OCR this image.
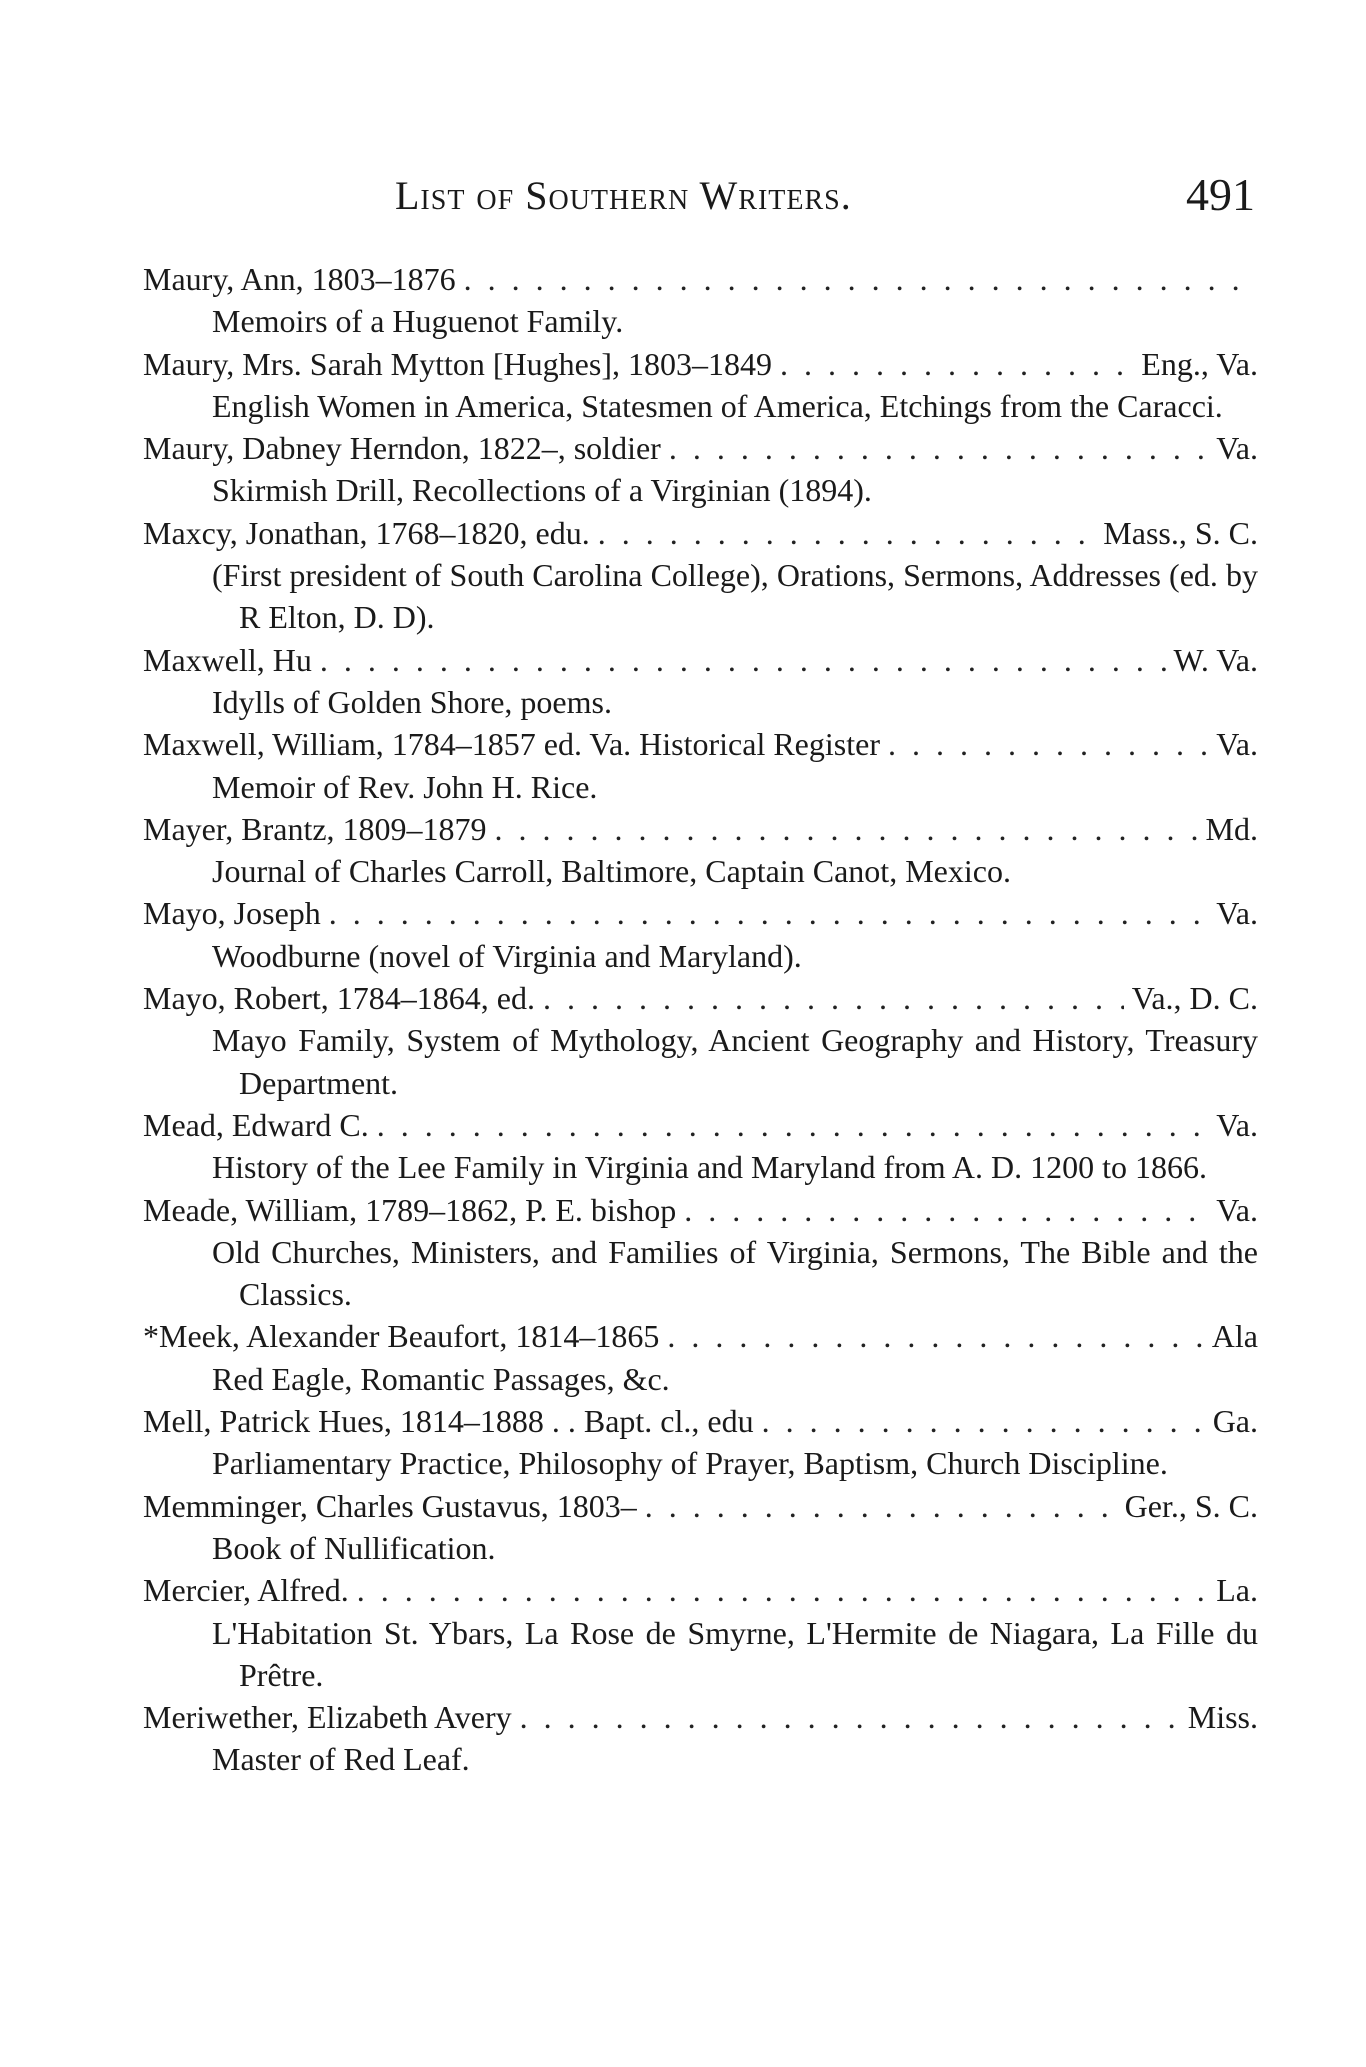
List of Southern Writers.	491
Maury, Ann, 1803–1876
. . .
Memoirs of a Huguenot Family.
Maury, Mrs. Sarah Mytton [Hughes], 1803–1849 . . .	Eng., Va.
English Women in America, Statesmen of America, Etchings from the Caracci.
Maury, Dabney Herndon, 1822–, soldier . . .	Va.
Skirmish Drill, Recollections of a Virginian (1894).
Maxcy, Jonathan, 1768–1820, edu. . . .	Mass., S. C.
(First president of South Carolina College), Orations, Sermons, Addresses (ed. by R Elton, D. D).
Maxwell, Hu . . .	W. Va.
Idylls of Golden Shore, poems.
Maxwell, William, 1784–1857 ed. Va. Historical Register . . .	Va.
Memoir of Rev. John H. Rice.
Mayer, Brantz, 1809–1879 . . .	Md.
Journal of Charles Carroll, Baltimore, Captain Canot, Mexico.
Mayo, Joseph . . .	Va.
Woodburne (novel of Virginia and Maryland).
Mayo, Robert, 1784–1864, ed. . . .	Va., D. C.
Mayo Family, System of Mythology, Ancient Geography and History, Treasury Department.
Mead, Edward C. . . .	Va.
History of the Lee Family in Virginia and Maryland from A. D. 1200 to 1866.
Meade, William, 1789–1862, P. E. bishop . . .	Va.
Old Churches, Ministers, and Families of Virginia, Sermons, The Bible and the Classics.
*Meek, Alexander Beaufort, 1814–1865 . . .	Ala
Red Eagle, Romantic Passages, &c.
Mell, Patrick Hues, 1814–1888 . . Bapt. cl., edu . . .	Ga.
Parliamentary Practice, Philosophy of Prayer, Baptism, Church Discipline.
Memminger, Charles Gustavus, 1803– . . .	Ger., S. C.
Book of Nullification.
Mercier, Alfred. . . .	La.
L'Habitation St. Ybars, La Rose de Smyrne, L'Hermite de Niagara, La Fille du Prêtre.
Meriwether, Elizabeth Avery . . .	Miss.
Master of Red Leaf.
